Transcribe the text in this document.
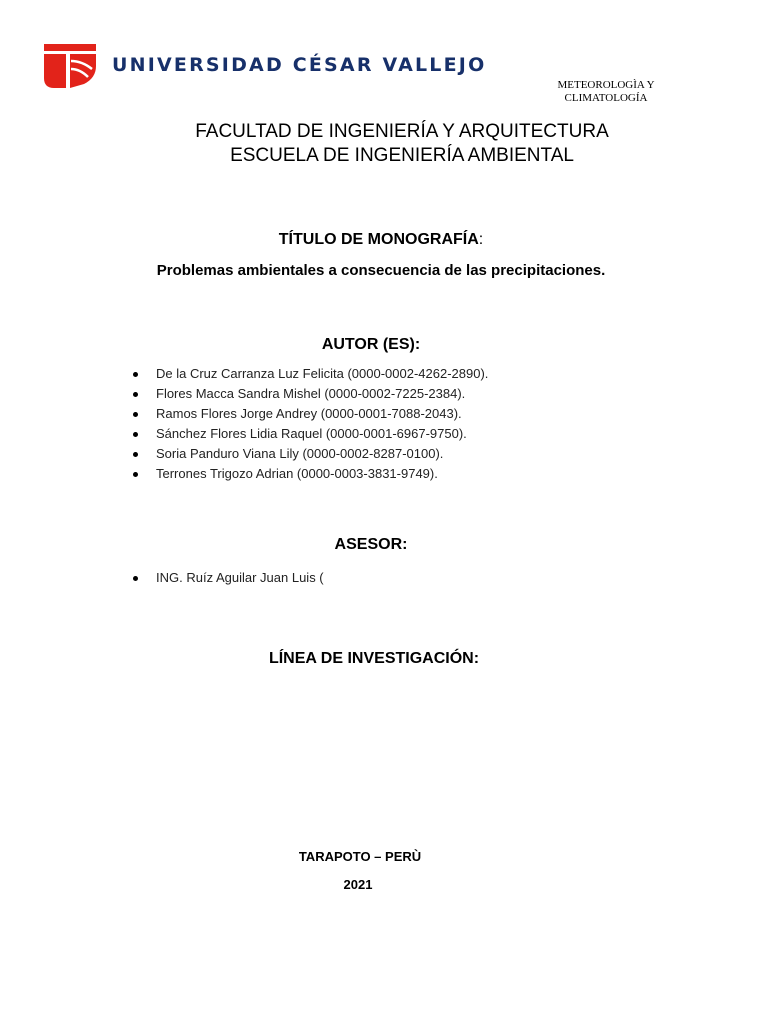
UNIVERSIDAD CÉSAR VALLEJO
METEOROLOGÌA Y
CLIMATOLOGÍA
FACULTAD DE INGENIERÍA Y ARQUITECTURA
ESCUELA DE INGENIERÍA AMBIENTAL
TÍTULO DE MONOGRAFÍA:
Problemas ambientales a consecuencia de las precipitaciones.
AUTOR (ES):
De la Cruz Carranza Luz Felicita (0000-0002-4262-2890).
Flores Macca Sandra Mishel (0000-0002-7225-2384).
Ramos Flores Jorge Andrey (0000-0001-7088-2043).
Sánchez Flores Lidia Raquel (0000-0001-6967-9750).
Soria Panduro Viana Lily (0000-0002-8287-0100).
Terrones Trigozo Adrian (0000-0003-3831-9749).
ASESOR:
ING. Ruíz Aguilar Juan Luis (
LÍNEA DE INVESTIGACIÓN:
TARAPOTO – PERÙ
2021
